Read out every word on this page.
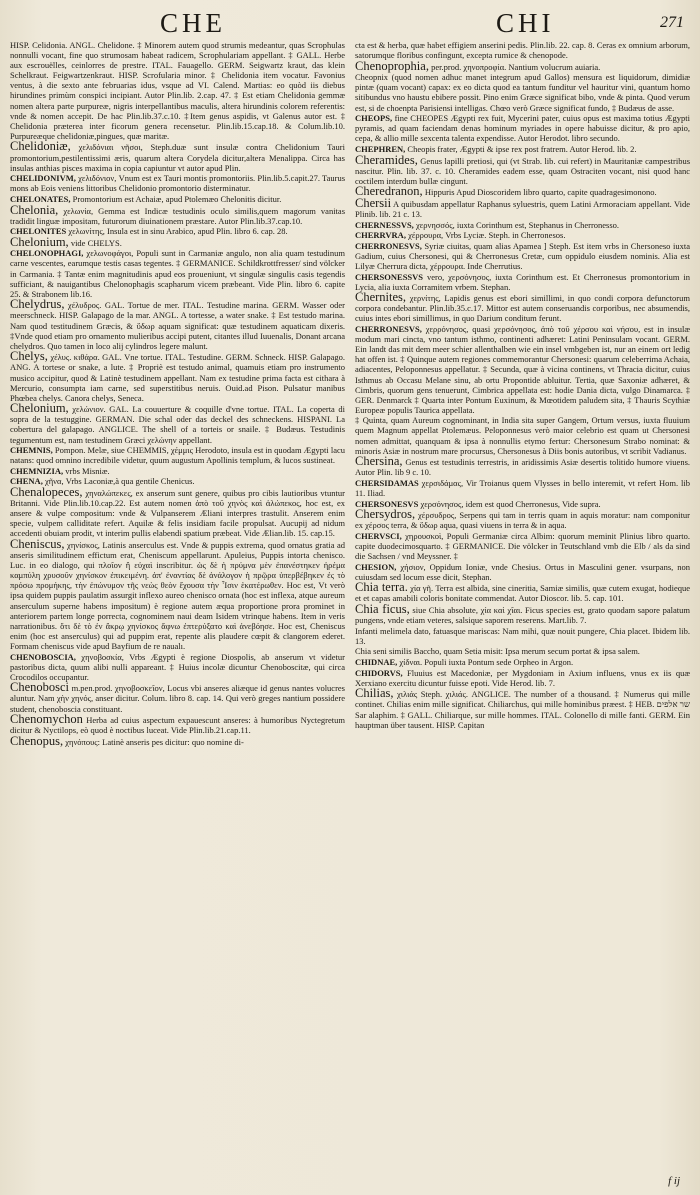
CHE	CHI	271

HISP. Celidonia. ANGL. Chelidone. ‡ Minorem autem quod strumis medeantur, quas Scrophulas nonnulli vocant, fine quo strumosam habeat radicem, Scrophulariam appellant. ‡ GALL. Herbe aux escrouëlles, ceinlorres de prestre. ITAL. Fauagello. GERM. Seigwartz kraut, das klein Schelkraut. Feigwartzenkraut. HISP. Scrofularia minor. ‡ Chelidonia item vocatur. Favonius ventus, à die sexto ante februarias idus, vsque ad VI. Calend. Martias: eo quòd iis diebus hirundines primùm conspici incipiant. Autor Plin.lib. 2.cap. 47. ‡ Est etiam Chelidonia gemmæ nomen altera parte purpureæ, nigris interpellantibus maculis, altera hirundinis colorem referentis: vnde & nomen accepit. De hac Plin.lib.37.c.10. ‡Item genus aspidis, vt Galenus autor est. ‡ Chelidonia præterea inter ficorum genera recensetur. Plin.lib.15.cap.18. & Colum.lib.10. Purpureæque chelidoniæ,pingues, quæ maritæ.

Chelidoniæ, χελιδόνιαι νῆσοι, Steph.duæ sunt insulæ contra Chelidonium Tauri promontorium,pestilentissimi æris, quarum altera Corydela dicitur,altera Menalippa. Circa has insulas anthias pisces maxima in copia capiuntur vt autor apud Plin.

CHELIDONIVM, χελιδόνιον, Vnum est ex Tauri montis promontoriis. Plin.lib.5.capit.27. Taurus mons ab Eois veniens littoribus Chelidonio promontorio disterminatur.

CHELONATES, Promontorium est Achaiæ, apud Ptolemæo Chelonitis dicitur.

Chelonia, χελωνία, Gemma est Indicæ testudinis oculo similis,quem magorum vanitas tradidit linguæ impositam, futurorum diuinationem præstare. Autor Plin.lib.37.cap.10.

CHELONITES χελωνίτης, Insula est in sinu Arabico, apud Plin. libro 6. cap. 28.

Chelonium, vide CHELYS.

CHELONOPHAGI, χελωνοφάγοι, Populi sunt in Carmaniæ angulo, non alia quam testudinum carne vescentes, earumque testis casas tegentes. ‡ GERMANICE. Schildkrottfresser/ sind völcker in Carmania. ‡ Tantæ enim magnitudinis apud eos proueniunt, vt singulæ singulis casis tegendis sufficiant, & nauigantibus Chelonophagis scapharum vicem præbeant. Vide Plin. libro 6. capite 25. & Strabonem lib.16.

Chelydrus, χέλυδρος. GAL. Tortue de mer. ITAL. Testudine marina. GERM. Wasser oder meerschneck. HISP. Galapago de la mar. ANGL. A tortesse, a water snake. ‡ Est testudo marina. Nam quod testitudinem Græcis, & ὕδωρ aquam significat: quæ testudinem aquaticam dixeris. ‡Vnde quod etiam pro ornamento mulieribus accipi putent, citantes illud Iuuenalis, Donant arcana chelydros. Quo tamen in loco alij cylindros legere malunt.

Chelys, χέλυς. κιθάρα. GAL. Vne tortue. ITAL. Testudine. GERM. Schneck. HISP. Galapago. ANG. A tortese or snake, a lute. ‡ Propriè est testudo animal, quamuis etiam pro instrumento musico accipitur, quod & Latinè testudinem appellant. Nam ex testudine prima facta est cithara à Mercurio, consumpta iam carne, sed superstitibus neruis. Ouid.ad Pison. Pulsatur manibus Phœbea chelys. Canora chelys, Seneca.

Chelonium, χελώνιον. GAL. La couuerture & coquille d'vne tortue. ITAL. La coperta di sopra de la testuggine. GERMAN. Die schal oder das deckel des schneckens. HISPANI. La cobertura del galapago. ANGLICE. The shell of a torteis or snaile. ‡ Budæus. Testudinis tegumentum est, nam testudinem Græci χελώνην appellant.

CHEMNIS, Pompon. Melæ, siue CHEMMIS, χέμμις Herodoto, insula est in quodam Ægypti lacu natans: quod omnino incredibile videtur, quum augustum Apollinis templum, & lucos sustineat.

CHEMNIZIA, vrbs Misniæ.

CHENA, χῆνα, Vrbs Laconiæ,à qua gentile Chenicus.

Chenalopeces, χηναλώπεκες, ex anserum sunt genere, quibus pro cibis lautioribus vtuntur Britanni. Vide Plin.lib.10.cap.22. Est autem nomen ἀπὸ τοῦ χηνὸς καὶ ἀλώπεκος, hoc est, ex ansere & vulpe compositum: vnde & Vulpanserem Æliani interpres trastulit. Anserem enim specie, vulpem calliditate refert. Aquilæ & felis insidiam facile propulsat. Aucupij ad nidum accedenti obuiam prodit, vt interim pullis elabendi spatium præbeat. Vide Ælian.lib. 15. cap.15.

Cheniscus, χηνίσκος, Latinis anserculus est. Vnde & puppis extrema, quod ornatus gratia ad anseris similitudinem effictum erat, Cheniscum appellarunt. Apuleius, Puppis intorta chenisco. Luc. in eo dialogo, qui πλοῖον ἢ εὐχαὶ inscribitur. ὡς δὲ ἡ πρύμνα μὲν ἐπανέστηκεν ἠρέμα καμπύλη χρυσοῦν χηνίσκον ἐπικειμένη. ἀπ' ἐναντίας δὲ ἀνάλογον ἡ πρῷρα ὑπερβέβηκεν ἐς τὸ πρόσω προμήκης, τὴν ἐπώνυμον τῆς νεὼς θεὸν ἔχουσα τὴν Ἶσιν ἑκατέρωθεν. Hoc est, Vt verò ipsa quidem puppis paulatim assurgit inflexo aureo chenisco ornata (hoc est inflexa, atque aureum anserculum superne habens impositum) è regione autem æqua proportione prora prominet in anteriorem partem longe porrecta, cognominem naui deam Isidem vtrinque habens. Item in veris narrationibus. ὅτι δὲ τὸ ἐν ἄκρῳ χηνίσκος ἄφνω ἐπτερύξατο καὶ ἀνεβόησε. Hoc est, Cheniscus enim (hoc est anserculus) qui ad puppim erat, repente alis plaudere cœpit & clangorem ederet. Formam cheniscus vide apud Bayfium de re naualı.

CHENOBOSCIA, χηνοβοσκία, Vrbs Ægypti è regione Diospolis, ab anserum vt videtur pastoribus dicta, quum alibi nulli appareant. ‡ Huius incolæ dicuntur Chenoboscitæ, qui circa Crocodilos occupantur.

Chenobosci m.pen.prod. χηνοβοσκεῖον, Locus vbi anseres aliæque id genus nantes volucres aluntur. Nam χὴν χηνός, anser dicitur. Colum. libro 8. cap. 14. Qui verò greges nantium possidere student, chenoboscia constituant.

Chenomychon Herba ad cuius aspectum expauescunt anseres: à humoribus Nyctegretum dicitur & Nyctilops, eò quod è noctibus luceat. Vide Plin.lib.21.cap.11.

Chenopus, χηνόπους: Latinè anseris pes dicitur: quo nomine di-

cta est & herba, quæ habet effigiem anserini pedis. Plin.lib. 22. cap. 8. Ceras ex omnium arborum, satorumque floribus confingunt, excepta rumice & chenopode.

Chenoprophia, per.prod. χηνοπροφία. Nantium volucrum auiaria.

Cheopnix (quod nomen adhuc manet integrum apud Gallos) mensura est liquidorum, dimidiæ pintæ (quam vocant) capax: ex eo dicta quod ea tantum funditur vel hauritur vini, quantum homo sitibundus vno haustu ebibere possit. Pino enim Græce significat bibo, vnde & pinta. Quod verum est, si de choenpta Parisiensi intelligas. Chœo verò Græce significat fundo, ‡ Budæus de asse.

CHEOPS, fine CHEOPES Ægypti rex fuit, Mycerini pater, cuius opus est maxima totius Ægypti pyramis, ad quam faciendam denas hominum myriades in opere habuisse dicitur, & pro apio, cepa, & allio mille sexcenta talenta expendisse. Autor Herodot. libro secundo.

CHEPHREN, Cheopis frater, Ægypti & ipse rex post fratrem. Autor Herod. lib. 2.

Cheramides, Genus lapilli pretiosi, qui (vt Strab. lib. cui refert) in Mauritaniæ campestribus nascitur. Plin. lib. 37. c. 10. Cheramides eadem esse, quam Ostraciten vocant, nisi quod hanc coctilem interdum bullæ cingunt.

Cheredranon, Hippuris Apud Dioscoridem libro quarto, capite quadragesimonono.

Chersii A quibusdam appellatur Raphanus syluestris, quem Latini Armoraciam appellant. Vide Plinib. lib. 21 c. 13.

CHERNESSVS, χερνησσός, iuxta Corinthum est, Stephanus in Cherronesso.

CHERRVRA, χέρρουρα, Vrbs Lyciæ. Steph. in Cherronesos.

CHERRONESVS, Syriæ ciuitas, quam alias Apamea ] Steph. Est item vrbs in Chersoneso iuxta Gadium, cuius Chersonesi, qui & Cherronesus Cretæ, cum oppidulo eiusdem nominis. Alia est Lilyæ Cherrura dicta, χέρρουρα. Inde Cherrutius.

CHERSONESSVS vero, χερσόνησος, iuxta Corinthum est. Et Cherronesus promontorium in Lycia, alia iuxta Corramitem vrbem. Stephan.

Chernites, χερνίτης, Lapidis genus est ebori simillimi, in quo condi corpora defunctorum corpora condebantur. Plin.lib.35.c.17. Mittor est autem conseruandis corporibus, nec absumendis, cuius intes ebori simillimus, in quo Darium conditum ferunt.

CHERRONESVS, χερρόνησος, quasi χερσόνησος, ἀπὸ τοῦ χέρσου καὶ νήσου, est in insulæ modum mari cincta, vno tantum isthmo, continenti adhæret: Latini Peninsulam vocant. GERM. Ein landt das mit dem meer schier allenthalben wie ein insel vmbgeben ist, nur an einem ort ledig hat offen ist. ‡ Quinque autem regiones commemorantur Chersonesi: quarum celeberrima Achaia, adiacentes, Peloponnesus appellatur. ‡ Secunda, quæ à vicina continens, vt Thracia dicitur, cuius Isthmus ab Occasu Melane sinu, ab ortu Propontide abluitur. Tertia, quæ Saxoniæ adhæret, & Cimbris, quorum gens tenuerunt, Cimbrica appellata est: hodie Dania dicta, vulgo Dinamarca. ‡ GER. Denmarck ‡ Quarta inter Pontum Euxinum, & Mœotidem paludem sita, ‡ Thauris Scythiæ Europeæ populis Taurica appellata.

‡ Quinta, quam Aureum cognominant, in India sita super Gangem, Ortum versus, iuxta fluuium quem Magnum appellat Ptolemæus. Peloponnesus verò maior celebrio est quam ut Chersonesi nomen admittat, quanquam & ipsa à nonnullis etymo fertur: Chersonesum Strabo nominat: & minoris Asiæ in nostrum mare procursus, Chersonesus à Diis bonis autoribus, vt scribit Vadianus.

Chersina, Genus est testudinis terrestris, in aridissimis Asiæ desertis tolitido humore viuens. Autor Plin. lib 9 c. 10.

CHERSIDAMAS χερσιδάμας, Vir Troianus quem Vlysses in bello interemit, vt refert Hom. lib 11. Iliad.

CHERSONESVS χερσόνησος, idem est quod Cherronesus, Vide supra.

Chersydros, χέρσυδρος, Serpens qui tam in terris quam in aquis moratur: nam componitur ex χέρσος terra, & ὕδωρ aqua, quasi viuens in terra & in aqua.

CHERVSCI, χηρουσκοὶ, Populi Germaniæ circa Albim: quorum meminit Plinius libro quarto. capite duodecimosquarto. ‡ GERMANICE. Die völcker in Teutschland vmb die Elb / als da sind die Sachsen / vnd Meyssner. ‡

CHESION, χήσιον, Oppidum Ioniæ, vnde Chesius. Ortus in Masculini gener. vsurpans, non cuiusdam sed locum esse dicit, Stephan.

Chia terra. χία γῆ. Terra est albida, sine cineritia, Samiæ similis, quæ cutem exugat, hodieque et et capas amabili coloris bonitate commendat. Autor Dioscor. lib. 5. cap. 101.

Chia ficus, siue Chia absolute, χία καὶ χῖαι. Ficus species est, grato quodam sapore palatum pungens, vnde etiam veteres, salsique saporem reserens. Mart.lib. 7.

Infanti melimela dato, fatuasque mariscas: Nam mihi, quæ nouit pungere, Chia placet. Ibidem lib. 13.

Chia seni similis Baccho, quam Setia misit: Ipsa merum secum portat & ipsa salem.

CHIDNAE, χίδναι. Populi iuxta Pontum sede Orpheo in Argon.

CHIDORVS, Fluuius est Macedoniæ, per Mygdoniam in Axium influens, vnus ex iis quæ Xerxiano exercitu dicuntur fuisse epoti. Vide Herod. lib. 7.

Chilias, χιλιάς Steph. χιλιάς. ANGLICE. The number of a thousand. ‡ Numerus qui mille continet. Chilias enim mille significat. Chiliarchus, qui mille hominibus præest. ‡ HEB. שר אלפים Sar alaphim. ‡ GALL. Chiliarque, sur mille hommes. ITAL. Colonello di mille fanti. GERM. Ein hauptman über tausent. HISP. Capitan

f ij
